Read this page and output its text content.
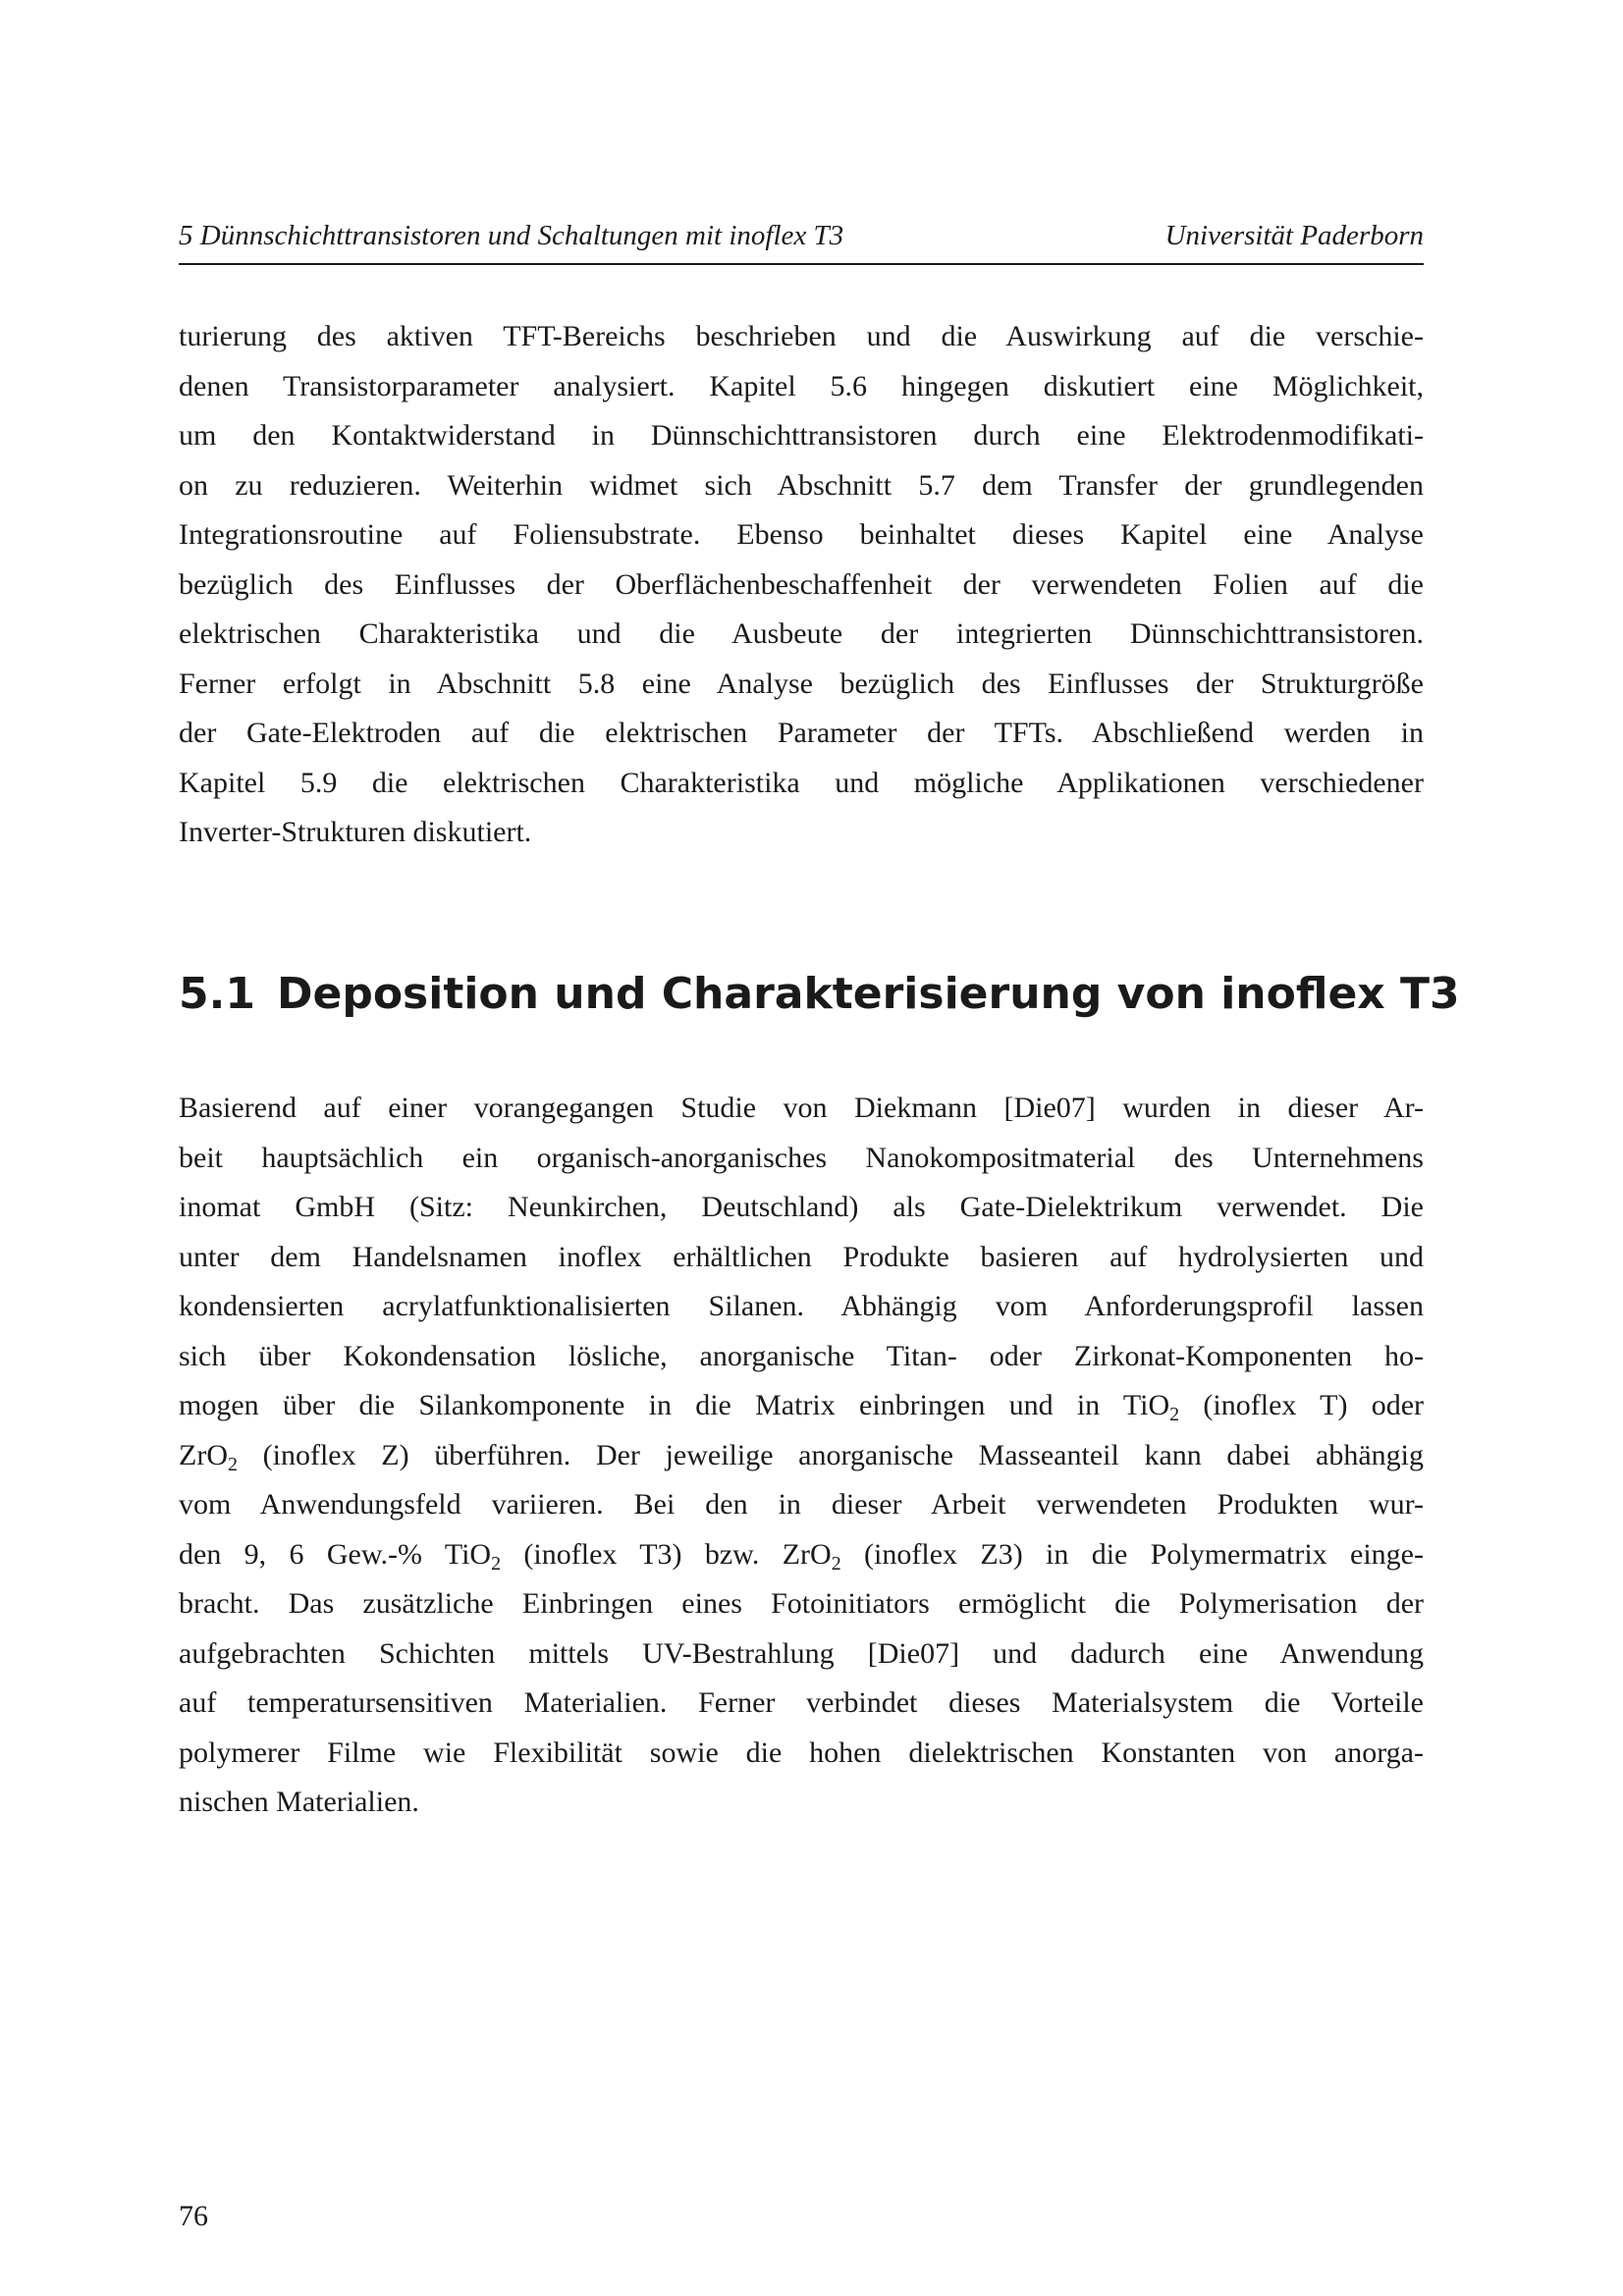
5 Dünnschichttransistoren und Schaltungen mit inoflex T3	Universität Paderborn
turierung des aktiven TFT-Bereichs beschrieben und die Auswirkung auf die verschie-
denen Transistorparameter analysiert. Kapitel 5.6 hingegen diskutiert eine Möglichkeit,
um den Kontaktwiderstand in Dünnschichttransistoren durch eine Elektrodenmodifikati-
on zu reduzieren. Weiterhin widmet sich Abschnitt 5.7 dem Transfer der grundlegenden
Integrationsroutine auf Foliensubstrate. Ebenso beinhaltet dieses Kapitel eine Analyse
bezüglich des Einflusses der Oberflächenbeschaffenheit der verwendeten Folien auf die
elektrischen Charakteristika und die Ausbeute der integrierten Dünnschichttransistoren.
Ferner erfolgt in Abschnitt 5.8 eine Analyse bezüglich des Einflusses der Strukturgröße
der Gate-Elektroden auf die elektrischen Parameter der TFTs. Abschließend werden in
Kapitel 5.9 die elektrischen Charakteristika und mögliche Applikationen verschiedener
Inverter-Strukturen diskutiert.
5.1 Deposition und Charakterisierung von inoflex T3
Basierend auf einer vorangegangen Studie von Diekmann [Die07] wurden in dieser Ar-
beit hauptsächlich ein organisch-anorganisches Nanokompositmaterial des Unternehmens
inomat GmbH (Sitz: Neunkirchen, Deutschland) als Gate-Dielektrikum verwendet. Die
unter dem Handelsnamen inoflex erhältlichen Produkte basieren auf hydrolysierten und
kondensierten acrylatfunktionalisierten Silanen. Abhängig vom Anforderungsprofil lassen
sich über Kokondensation lösliche, anorganische Titan- oder Zirkonat-Komponenten ho-
mogen über die Silankomponente in die Matrix einbringen und in TiO$_2$ (inoflex T) oder
ZrO$_2$ (inoflex Z) überführen. Der jeweilige anorganische Masseanteil kann dabei abhängig
vom Anwendungsfeld variieren. Bei den in dieser Arbeit verwendeten Produkten wur-
den 9, 6 Gew.-% TiO$_2$ (inoflex T3) bzw. ZrO$_2$ (inoflex Z3) in die Polymermatrix einge-
bracht. Das zusätzliche Einbringen eines Fotoinitiators ermöglicht die Polymerisation der
aufgebrachten Schichten mittels UV-Bestrahlung [Die07] und dadurch eine Anwendung
auf temperatursensitiven Materialien. Ferner verbindet dieses Materialsystem die Vorteile
polymerer Filme wie Flexibilität sowie die hohen dielektrischen Konstanten von anorga-
nischen Materialien.
76
